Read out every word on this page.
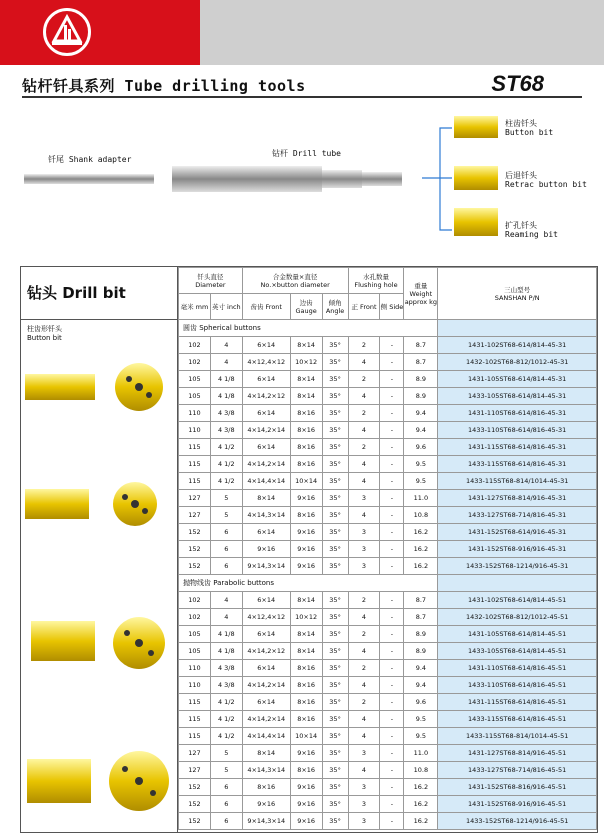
钻杆钎具系列 Tube drilling tools	ST68
钎尾 Shank adapter
钻杆 Drill tube
柱齿钎头
Button bit
后退钎头
Retrac button bit
扩孔钎头
Reaming bit
钻头 Drill bit
柱齿形钎头
Button bit
钎头直径
Diameter		合金数量×直径
No.×button diameter			水孔数量
Flushing hole		重量
Weight approx kg	三山型号
SANSHAN P/N
毫米 mm	英寸 inch	齿齿 Front	边齿 Gauge	倾角 Angle	正 Front	侧 Side		
圆齿 Spherical buttons								
102	4	6×14	8×14	35°	2	-	8.7	1431-102ST68-614/814-45-31
102	4	4×12,4×12	10×12	35°	4	-	8.7	1432-102ST68-812/1012-45-31
105	4 1/8	6×14	8×14	35°	2	-	8.9	1431-105ST68-614/814-45-31
105	4 1/8	4×14,2×12	8×14	35°	4	-	8.9	1433-105ST68-614/814-45-31
110	4 3/8	6×14	8×16	35°	2	-	9.4	1431-110ST68-614/816-45-31
110	4 3/8	4×14,2×14	8×16	35°	4	-	9.4	1433-110ST68-614/816-45-31
115	4 1/2	6×14	8×16	35°	2	-	9.6	1431-115ST68-614/816-45-31
115	4 1/2	4×14,2×14	8×16	35°	4	-	9.5	1433-115ST68-614/816-45-31
115	4 1/2	4×14,4×14	10×14	35°	4	-	9.5	1433-115ST68-814/1014-45-31
127	5	8×14	9×16	35°	3	-	11.0	1431-127ST68-814/916-45-31
127	5	4×14,3×14	8×16	35°	4	-	10.8	1433-127ST68-714/816-45-31
152	6	6×14	9×16	35°	3	-	16.2	1431-152ST68-614/916-45-31
152	6	9×16	9×16	35°	3	-	16.2	1431-152ST68-916/916-45-31
152	6	9×14,3×14	9×16	35°	3	-	16.2	1433-152ST68-1214/916-45-31
抛物线齿 Parabolic buttons								
102	4	6×14	8×14	35°	2	-	8.7	1431-102ST68-614/814-45-51
102	4	4×12,4×12	10×12	35°	4	-	8.7	1432-102ST68-812/1012-45-51
105	4 1/8	6×14	8×14	35°	2	-	8.9	1431-105ST68-614/814-45-51
105	4 1/8	4×14,2×12	8×14	35°	4	-	8.9	1433-105ST68-614/814-45-51
110	4 3/8	6×14	8×16	35°	2	-	9.4	1431-110ST68-614/816-45-51
110	4 3/8	4×14,2×14	8×16	35°	4	-	9.4	1433-110ST68-614/816-45-51
115	4 1/2	6×14	8×16	35°	2	-	9.6	1431-115ST68-614/816-45-51
115	4 1/2	4×14,2×14	8×16	35°	4	-	9.5	1433-115ST68-614/816-45-51
115	4 1/2	4×14,4×14	10×14	35°	4	-	9.5	1433-115ST68-814/1014-45-51
127	5	8×14	9×16	35°	3	-	11.0	1431-127ST68-814/916-45-51
127	5	4×14,3×14	8×16	35°	4	-	10.8	1433-127ST68-714/816-45-51
152	6	8×16	9×16	35°	3	-	16.2	1431-152ST68-816/916-45-51
152	6	9×16	9×16	35°	3	-	16.2	1431-152ST68-916/916-45-51
152	6	9×14,3×14	9×16	35°	3	-	16.2	1433-152ST68-1214/916-45-51
